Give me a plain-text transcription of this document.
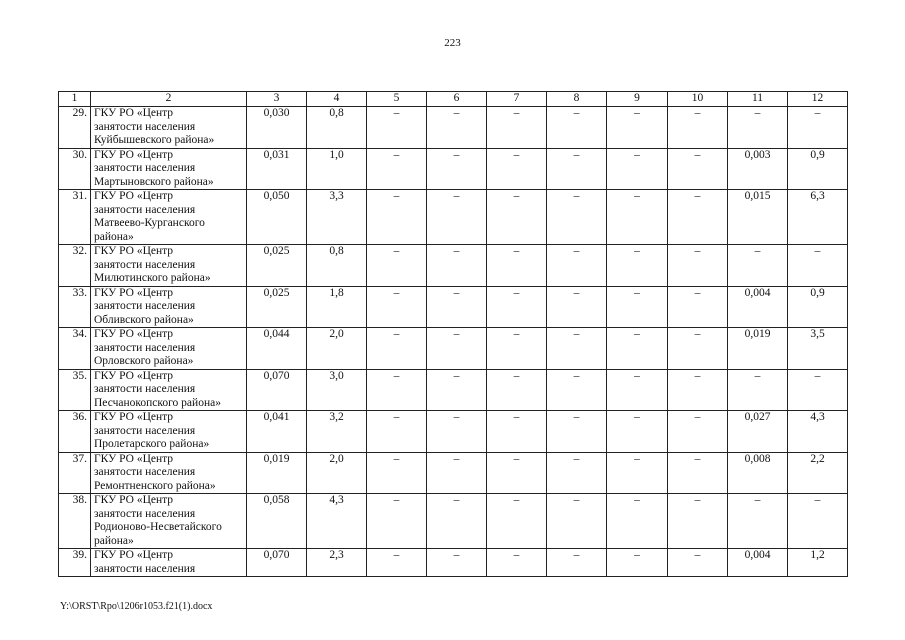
223
1	2	3	4	5	6	7	8	9	10	11	12
29.	ГКУ РО «Центр
занятости населения
Куйбышевского района»	0,030	0,8	–	–	–	–	–	–	–	–
30.	ГКУ РО «Центр
занятости населения
Мартыновского района»	0,031	1,0	–	–	–	–	–	–	0,003	0,9
31.	ГКУ РО «Центр
занятости населения
Матвеево-Курганского
района»	0,050	3,3	–	–	–	–	–	–	0,015	6,3
32.	ГКУ РО «Центр
занятости населения
Милютинского района»	0,025	0,8	–	–	–	–	–	–	–	–
33.	ГКУ РО «Центр
занятости населения
Обливского района»	0,025	1,8	–	–	–	–	–	–	0,004	0,9
34.	ГКУ РО «Центр
занятости населения
Орловского района»	0,044	2,0	–	–	–	–	–	–	0,019	3,5
35.	ГКУ РО «Центр
занятости населения
Песчанокопского района»	0,070	3,0	–	–	–	–	–	–	–	–
36.	ГКУ РО «Центр
занятости населения
Пролетарского района»	0,041	3,2	–	–	–	–	–	–	0,027	4,3
37.	ГКУ РО «Центр
занятости населения
Ремонтненского района»	0,019	2,0	–	–	–	–	–	–	0,008	2,2
38.	ГКУ РО «Центр
занятости населения
Родионово-Несветайского
района»	0,058	4,3	–	–	–	–	–	–	–	–
39.	ГКУ РО «Центр
занятости населения	0,070	2,3	–	–	–	–	–	–	0,004	1,2
Y:\ORST\Rpo\1206r1053.f21(1).docx
